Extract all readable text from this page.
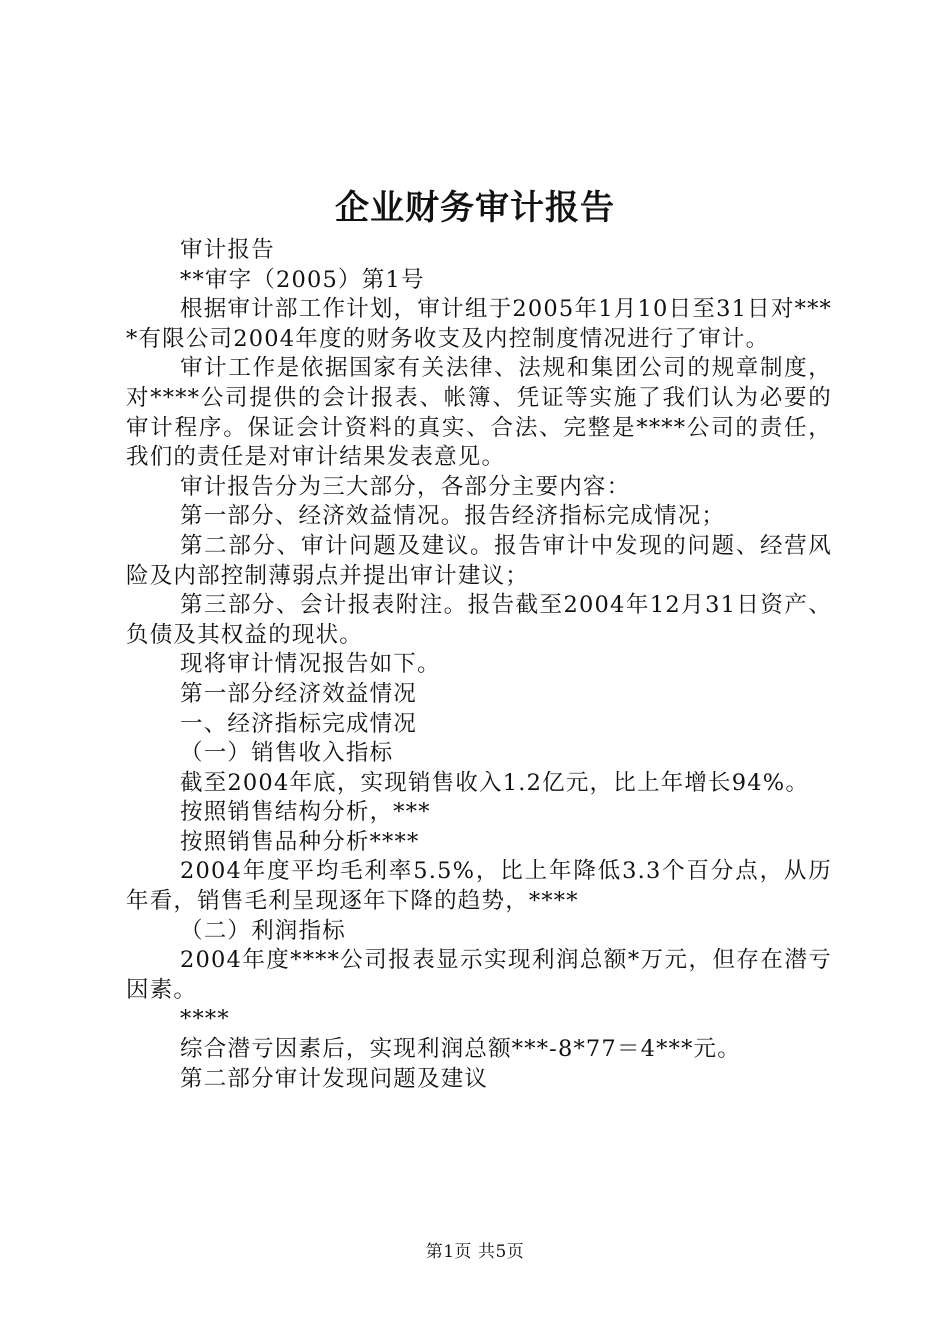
企业财务审计报告

审计报告

**审字（2005）第1号

根据审计部工作计划，审计组于2005年1月10日至31日对****有限公司2004年度的财务收支及内控制度情况进行了审计。

审计工作是依据国家有关法律、法规和集团公司的规章制度，对****公司提供的会计报表、帐簿、凭证等实施了我们认为必要的审计程序。保证会计资料的真实、合法、完整是****公司的责任，我们的责任是对审计结果发表意见。

审计报告分为三大部分，各部分主要内容：

第一部分、经济效益情况。报告经济指标完成情况；

第二部分、审计问题及建议。报告审计中发现的问题、经营风险及内部控制薄弱点并提出审计建议；

第三部分、会计报表附注。报告截至2004年12月31日资产、负债及其权益的现状。

现将审计情况报告如下。

第一部分经济效益情况

一、经济指标完成情况

（一）销售收入指标

截至2004年底，实现销售收入1.2亿元，比上年增长94%。

按照销售结构分析，***

按照销售品种分析****

2004年度平均毛利率5.5%，比上年降低3.3个百分点，从历年看，销售毛利呈现逐年下降的趋势，****

（二）利润指标

2004年度****公司报表显示实现利润总额*万元，但存在潜亏因素。

****

综合潜亏因素后，实现利润总额***-8*77＝4***元。

第二部分审计发现问题及建议

第1页 共5页
